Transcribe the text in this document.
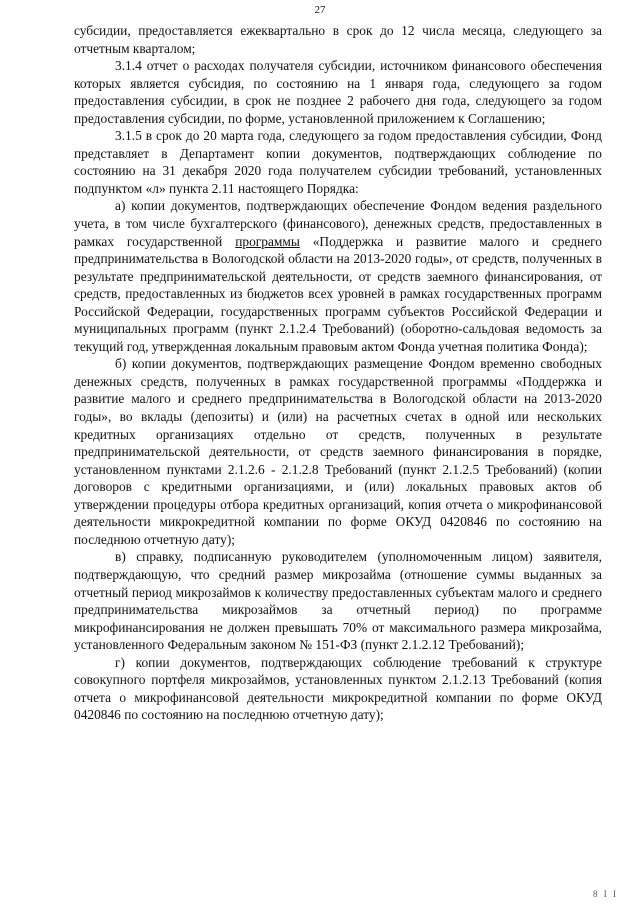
27

субсидии, предоставляется ежеквартально в срок до 12 числа месяца, следующего за отчетным кварталом;

3.1.4 отчет о расходах получателя субсидии, источником финансового обеспечения которых является субсидия, по состоянию на 1 января года, следующего за годом предоставления субсидии, в срок не позднее 2 рабочего дня года, следующего за годом предоставления субсидии, по форме, установленной приложением к Соглашению;

3.1.5 в срок до 20 марта года, следующего за годом предоставления субсидии, Фонд представляет в Департамент копии документов, подтверждающих соблюдение по состоянию на 31 декабря 2020 года получателем субсидии требований, установленных подпунктом «л» пункта 2.11 настоящего Порядка:

а) копии документов, подтверждающих обеспечение Фондом ведения раздельного учета, в том числе бухгалтерского (финансового), денежных средств, предоставленных в рамках государственной программы «Поддержка и развитие малого и среднего предпринимательства в Вологодской области на 2013-2020 годы», от средств, полученных в результате предпринимательской деятельности, от средств заемного финансирования, от средств, предоставленных из бюджетов всех уровней в рамках государственных программ Российской Федерации, государственных программ субъектов Российской Федерации и муниципальных программ (пункт 2.1.2.4 Требований) (оборотно-сальдовая ведомость за текущий год, утвержденная локальным правовым актом Фонда учетная политика Фонда);

б) копии документов, подтверждающих размещение Фондом временно свободных денежных средств, полученных в рамках государственной программы «Поддержка и развитие малого и среднего предпринимательства в Вологодской области на 2013-2020 годы», во вклады (депозиты) и (или) на расчетных счетах в одной или нескольких кредитных организациях отдельно от средств, полученных в результате предпринимательской деятельности, от средств заемного финансирования в порядке, установленном пунктами 2.1.2.6 - 2.1.2.8 Требований (пункт 2.1.2.5 Требований) (копии договоров с кредитными организациями, и (или) локальных правовых актов об утверждении процедуры отбора кредитных организаций, копия отчета о микрофинансовой деятельности микрокредитной компании по форме ОКУД 0420846 по состоянию на последнюю отчетную дату);

в) справку, подписанную руководителем (уполномоченным лицом) заявителя, подтверждающую, что средний размер микрозайма (отношение суммы выданных за отчетный период микрозаймов к количеству предоставленных субъектам малого и среднего предпринимательства микрозаймов за отчетный период) по программе микрофинансирования не должен превышать 70% от максимального размера микрозайма, установленного Федеральным законом № 151-ФЗ (пункт 2.1.2.12 Требований);

г) копии документов, подтверждающих соблюдение требований к структуре совокупного портфеля микрозаймов, установленных пунктом 2.1.2.13 Требований (копия отчета о микрофинансовой деятельности микрокредитной компании по форме ОКУД 0420846 по состоянию на последнюю отчетную дату);

8 I I
